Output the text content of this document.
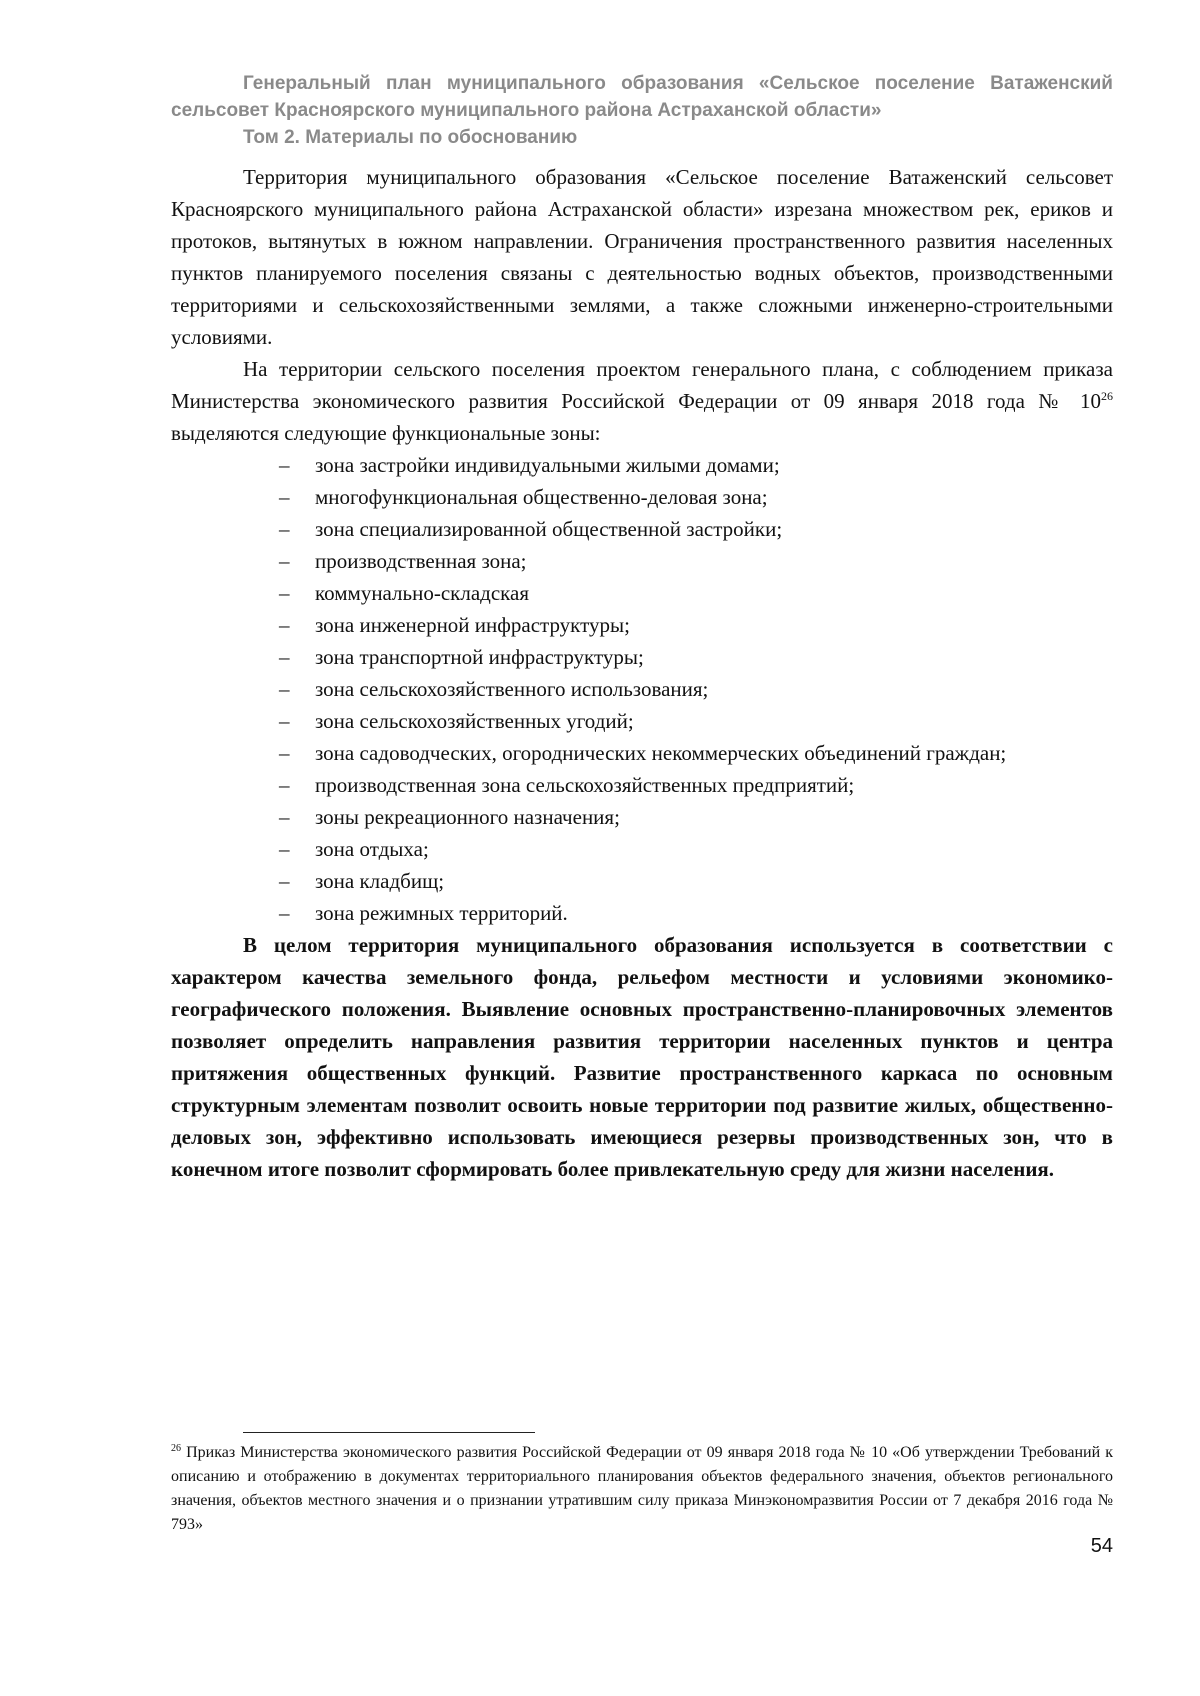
Генеральный план муниципального образования «Сельское поселение Ватаженский
сельсовет Красноярского муниципального района Астраханской области»
Том 2. Материалы по обоснованию

Территория муниципального образования «Сельское поселение Ватаженский сельсовет Красноярского муниципального района Астраханской области» изрезана множеством рек, ериков и протоков, вытянутых в южном направлении. Ограничения пространственного развития населенных пунктов планируемого поселения связаны с деятельностью водных объектов, производственными территориями и сельскохозяйственными землями, а также сложными инженерно-строительными условиями.

На территории сельского поселения проектом генерального плана, с соблюдением приказа Министерства экономического развития Российской Федерации от 09 января 2018 года № $10^{26}$ выделяются следующие функциональные зоны:

– зона застройки индивидуальными жилыми домами;
– многофункциональная общественно-деловая зона;
– зона специализированной общественной застройки;
– производственная зона;
– коммунально-складская
– зона инженерной инфраструктуры;
– зона транспортной инфраструктуры;
– зона сельскохозяйственного использования;
– зона сельскохозяйственных угодий;
– зона садоводческих, огороднических некоммерческих объединений граждан;
– производственная зона сельскохозяйственных предприятий;
– зоны рекреационного назначения;
– зона отдыха;
– зона кладбищ;
– зона режимных территорий.

В целом территория муниципального образования используется в соответствии с характером качества земельного фонда, рельефом местности и условиями экономико-географического положения. Выявление основных пространственно-планировочных элементов позволяет определить направления развития территории населенных пунктов и центра притяжения общественных функций. Развитие пространственного каркаса по основным структурным элементам позволит освоить новые территории под развитие жилых, общественно-деловых зон, эффективно использовать имеющиеся резервы производственных зон, что в конечном итоге позволит сформировать более привлекательную среду для жизни населения.

$^{26}$ Приказ Министерства экономического развития Российской Федерации от 09 января 2018 года № 10 «Об утверждении Требований к описанию и отображению в документах территориального планирования объектов федерального значения, объектов регионального значения, объектов местного значения и о признании утратившим силу приказа Минэкономразвития России от 7 декабря 2016 года № 793»
54
